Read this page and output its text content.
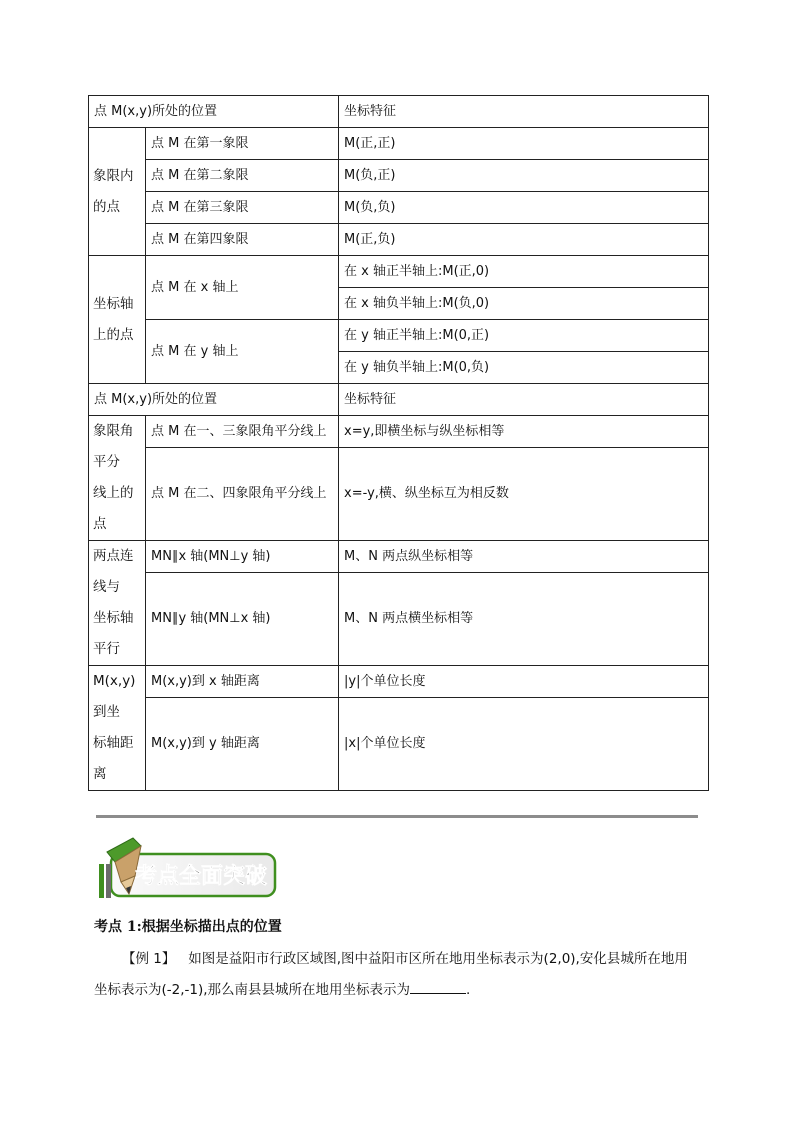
点 M(x,y)所处的位置		坐标特征

象限内
的点	点 M 在第一象限	M(正,正)
	点 M 在第二象限	M(负,正)
	点 M 在第三象限	M(负,负)
	点 M 在第四象限	M(正,负)

坐标轴
上的点	点 M 在 x 轴上	在 x 轴正半轴上:M(正,0)
		在 x 轴负半轴上:M(负,0)
	点 M 在 y 轴上	在 y 轴正半轴上:M(0,正)
		在 y 轴负半轴上:M(0,负)
点 M(x,y)所处的位置		坐标特征

象限角
平分
线上的
点	点 M 在一、三象限角平分线上	x=y,即横坐标与纵坐标相等
	点 M 在二、四象限角平分线上	x=-y,横、纵坐标互为相反数

两点连
线与
坐标轴
平行	MN∥x 轴(MN⊥y 轴)	M、N 两点纵坐标相等
	MN∥y 轴(MN⊥x 轴)	M、N 两点横坐标相等

M(x,y)
到坐
标轴距
离	M(x,y)到 x 轴距离	|y|个单位长度
	M(x,y)到 y 轴距离	|x|个单位长度
考点全面突破
考点 1:根据坐标描出点的位置
【例 1】 如图是益阳市行政区域图,图中益阳市区所在地用坐标表示为(2,0),安化县城所在地用坐标表示为(-2,-1),那么南县县城所在地用坐标表示为	.
